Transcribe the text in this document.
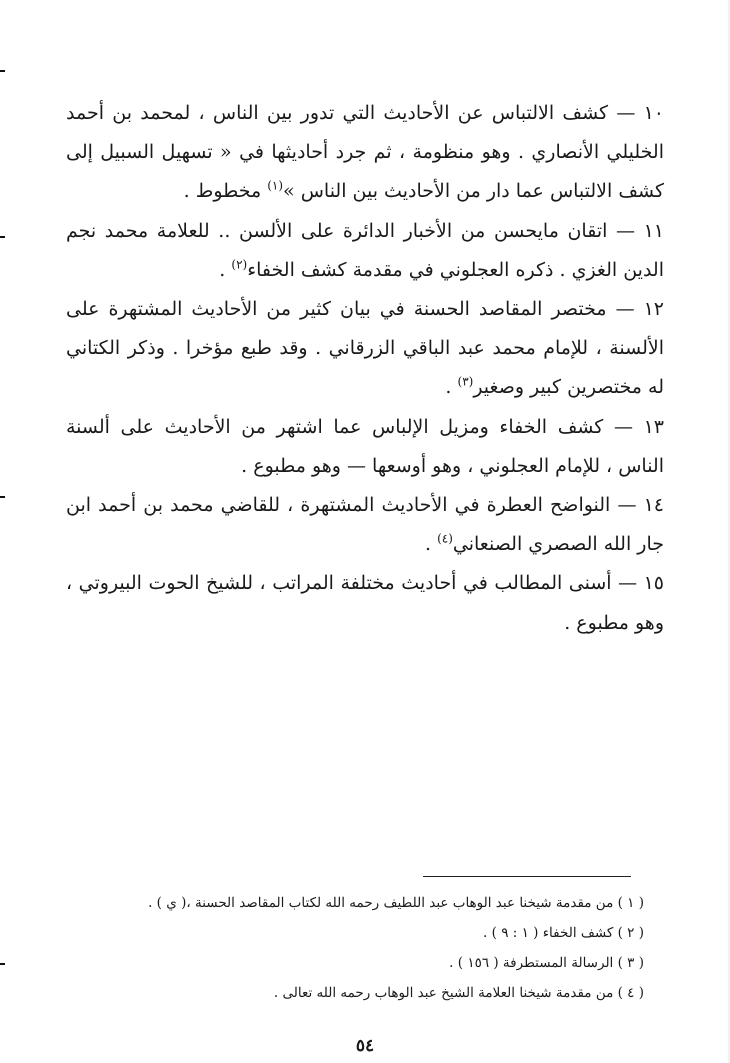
١٠ — كشف الالتباس عن الأحاديث التي تدور بين الناس ، لمحمد بن أحمد الخليلي الأنصاري . وهو منظومة ، ثم جرد أحاديثها في « تسهيل السبيل إلى كشف الالتباس عما دار من الأحاديث بين الناس »$^{(١)}$ مخطوط .

١١ — اتقان مايحسن من الأخبار الدائرة على الألسن .. للعلامة محمد نجم الدين الغزي . ذكره العجلوني في مقدمة كشف الخفاء$^{(٢)}$ .

١٢ — مختصر المقاصد الحسنة في بيان كثير من الأحاديث المشتهرة على الألسنة ، للإمام محمد عبد الباقي الزرقاني . وقد طبع مؤخرا . وذكر الكتاني له مختصرين كبير وصغير$^{(٣)}$ .

١٣ — كشف الخفاء ومزيل الإلباس عما اشتهر من الأحاديث على ألسنة الناس ، للإمام العجلوني ، وهو أوسعها — وهو مطبوع .

١٤ — النواضح العطرة في الأحاديث المشتهرة ، للقاضي محمد بن أحمد ابن جار الله الصصري الصنعاني$^{(٤)}$ .

١٥ — أسنى المطالب في أحاديث مختلفة المراتب ، للشيخ الحوت البيروتي ، وهو مطبوع .

( ١ ) من مقدمة شيخنا عبد الوهاب عبد اللطيف رحمه الله لكتاب المقاصد الحسنة ،( ي ) .

( ٢ ) كشف الخفاء ( ١ : ٩ ) .

( ٣ ) الرسالة المستطرفة ( ١٥٦ ) .

( ٤ ) من مقدمة شيخنا العلامة الشيخ عبد الوهاب رحمه الله تعالى .

٥٤
